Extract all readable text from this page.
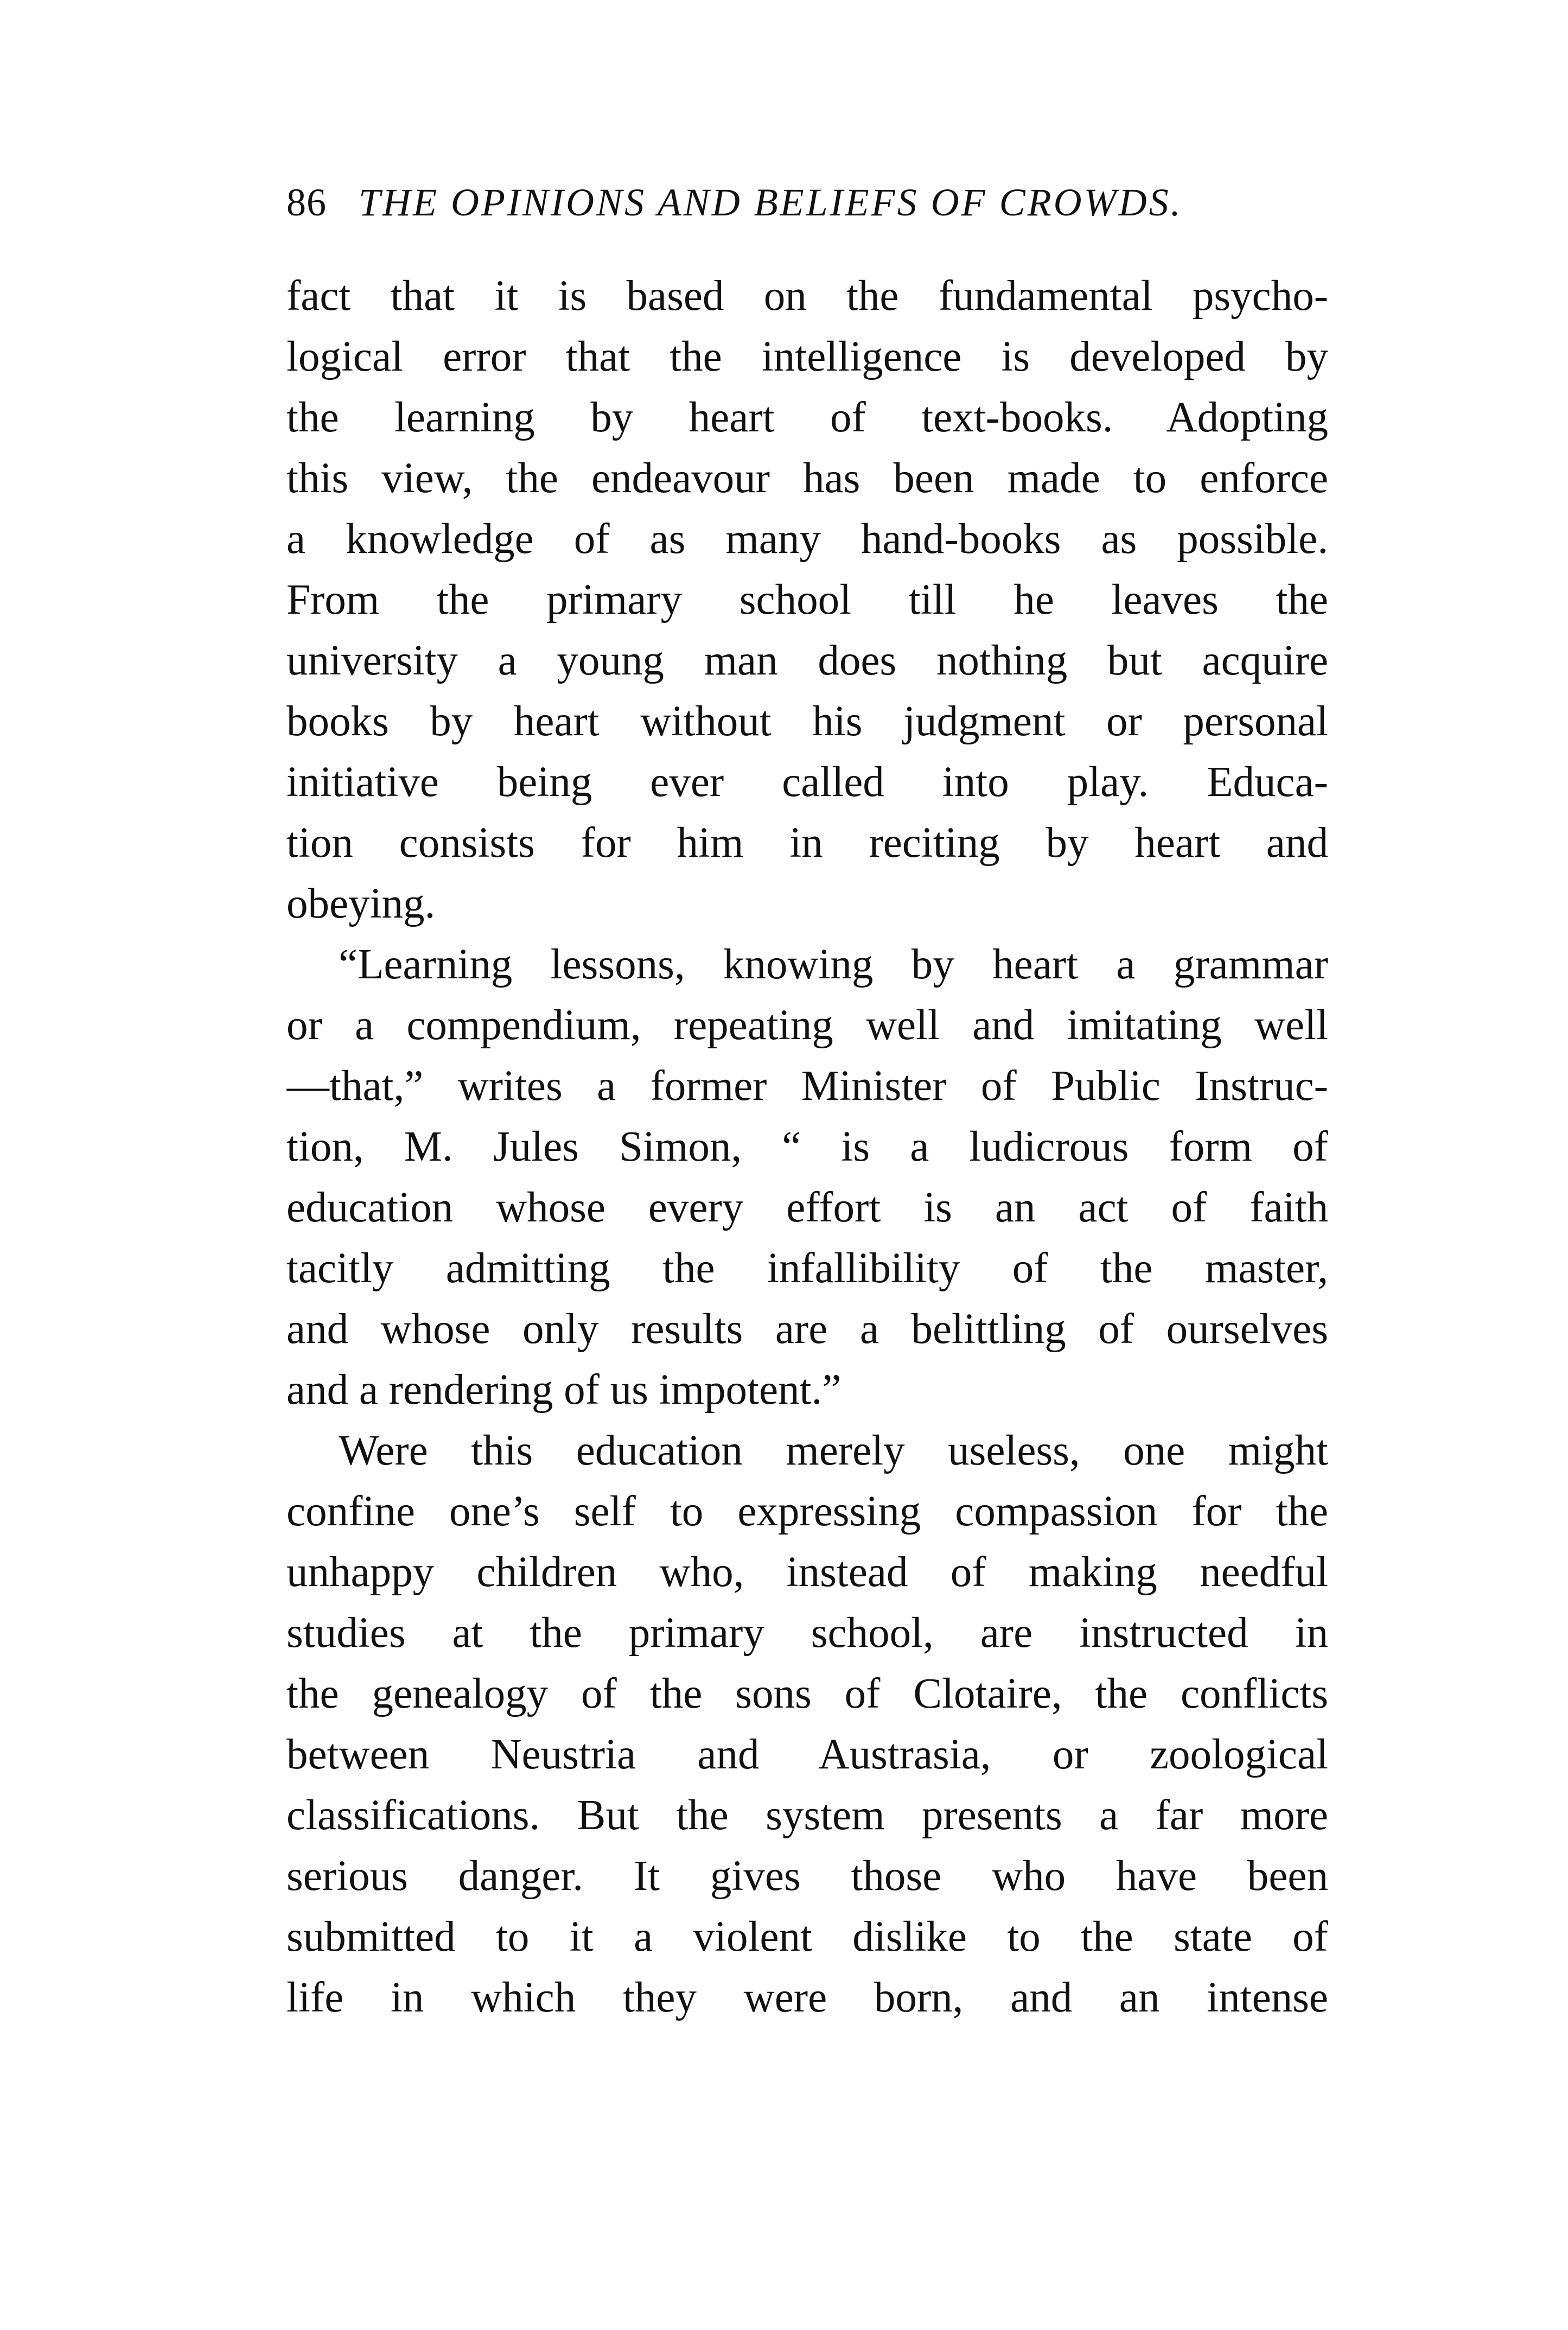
86 THE OPINIONS AND BELIEFS OF CROWDS.
fact that it is based on the fundamental psycho-
logical error that the intelligence is developed by
the learning by heart of text-books. Adopting
this view, the endeavour has been made to enforce
a knowledge of as many hand-books as possible.
From the primary school till he leaves the
university a young man does nothing but acquire
books by heart without his judgment or personal
initiative being ever called into play. Educa-
tion consists for him in reciting by heart and
obeying.
“Learning lessons, knowing by heart a grammar
or a compendium, repeating well and imitating well
—that,” writes a former Minister of Public Instruc-
tion, M. Jules Simon, “ is a ludicrous form of
education whose every effort is an act of faith
tacitly admitting the infallibility of the master,
and whose only results are a belittling of ourselves
and a rendering of us impotent.”
Were this education merely useless, one might
confine one’s self to expressing compassion for the
unhappy children who, instead of making needful
studies at the primary school, are instructed in
the genealogy of the sons of Clotaire, the conflicts
between Neustria and Austrasia, or zoological
classifications. But the system presents a far more
serious danger. It gives those who have been
submitted to it a violent dislike to the state of
life in which they were born, and an intense
